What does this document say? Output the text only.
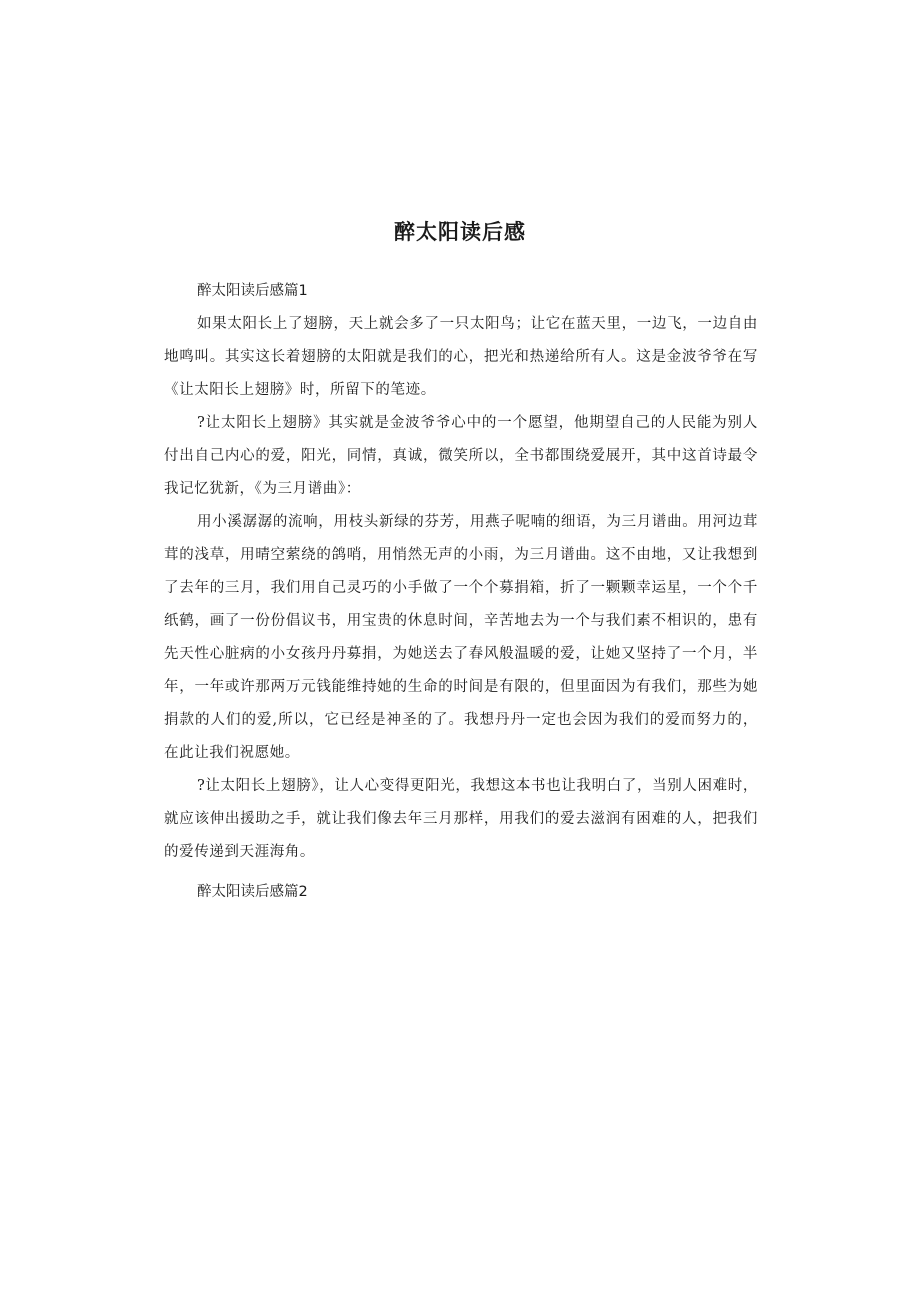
醉太阳读后感

醉太阳读后感篇1

如果太阳长上了翅膀，天上就会多了一只太阳鸟；让它在蓝天里，一边飞，一边自由地鸣叫。其实这长着翅膀的太阳就是我们的心，把光和热递给所有人。这是金波爷爷在写《让太阳长上翅膀》时，所留下的笔迹。

?让太阳长上翅膀》其实就是金波爷爷心中的一个愿望，他期望自己的人民能为别人付出自己内心的爱，阳光，同情，真诚，微笑所以，全书都围绕爱展开，其中这首诗最令我记忆犹新，《为三月谱曲》：

用小溪潺潺的流响，用枝头新绿的芬芳，用燕子呢喃的细语，为三月谱曲。用河边茸茸的浅草，用晴空萦绕的鸽哨，用悄然无声的小雨，为三月谱曲。这不由地，又让我想到了去年的三月，我们用自己灵巧的小手做了一个个募捐箱，折了一颗颗幸运星，一个个千纸鹤，画了一份份倡议书，用宝贵的休息时间，辛苦地去为一个与我们素不相识的，患有先天性心脏病的小女孩丹丹募捐，为她送去了春风般温暖的爱，让她又坚持了一个月，半年，一年或许那两万元钱能维持她的生命的时间是有限的，但里面因为有我们，那些为她捐款的人们的爱,所以，它已经是神圣的了。我想丹丹一定也会因为我们的爱而努力的，在此让我们祝愿她。

?让太阳长上翅膀》，让人心变得更阳光，我想这本书也让我明白了，当别人困难时，就应该伸出援助之手，就让我们像去年三月那样，用我们的爱去滋润有困难的人，把我们的爱传递到天涯海角。

醉太阳读后感篇2
